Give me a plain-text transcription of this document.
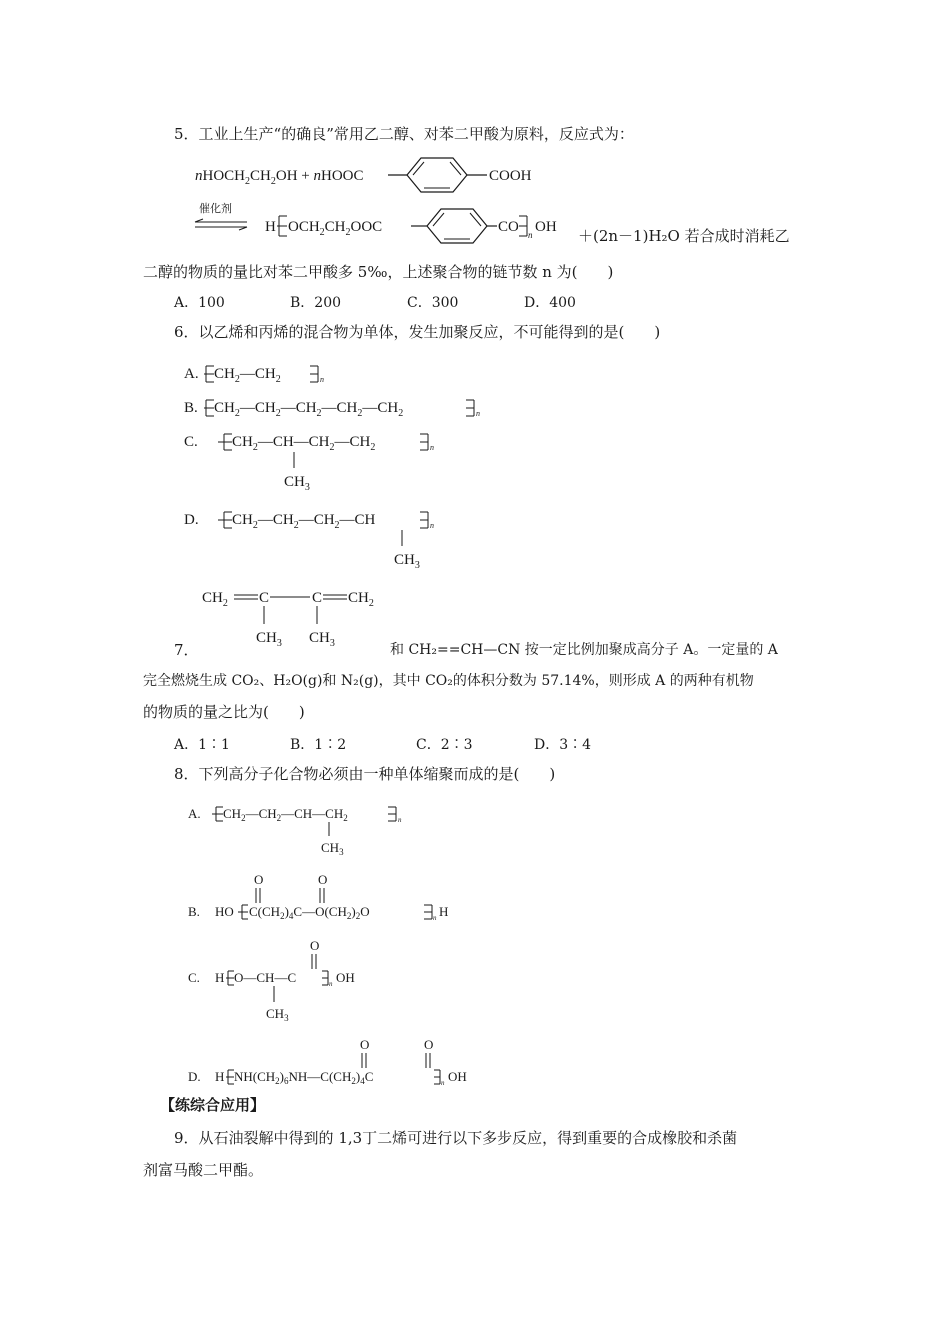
5．工业上生产“的确良”常用乙二醇、对苯二甲酸为原料，反应式为：
$nHOCH_2CH_2OH$ + nHOOC	COOH
催化剂
H $OCH_2CH_2OOC$	CO n OH ＋(2n－1)H₂O 若合成时消耗乙
二醇的物质的量比对苯二甲酸多 5‰，上述聚合物的链节数 n 为(　　)
A．100	B．200	C．300	D．400
6．以乙烯和丙烯的混合物为单体，发生加聚反应，不可能得到的是(　　)
A. $CH_2—CH_2$	n
B. $CH_2—CH_2—CH_2—CH_2—CH_2$	n
C. $CH_2—CH—CH_2—CH_2$	n
$CH_3$
D. $CH_2—CH_2—CH_2—CH$	n
$CH_3$
$CH_2$ C	C $CH_2$
$CH_3$ $CH_3$
7．	和 CH₂==CH—CN 按一定比例加聚成高分子 A。一定量的 A
完全燃烧生成 CO₂、H₂O(g)和 N₂(g)，其中 CO₂的体积分数为 57.14%，则形成 A 的两种有机物
的物质的量之比为(　　)
A．1∶1	B．1∶2	C．2∶3	D．3∶4
8．下列高分子化合物必须由一种单体缩聚而成的是(　　)
A. $CH_2—CH_2—CH—CH_2$	n
$CH_3$
B. HO $C(CH_2)_4C—O(CH_2)_2O$
O	O
n H
C. H O—CH—C
O
n OH
$CH_3$
D. H $NH(CH_2)_6NH—C(CH_2)_4C$
O	O
n OH
【练综合应用】
9．从石油裂解中得到的 1,3丁二烯可进行以下多步反应，得到重要的合成橡胶和杀菌
剂富马酸二甲酯。
